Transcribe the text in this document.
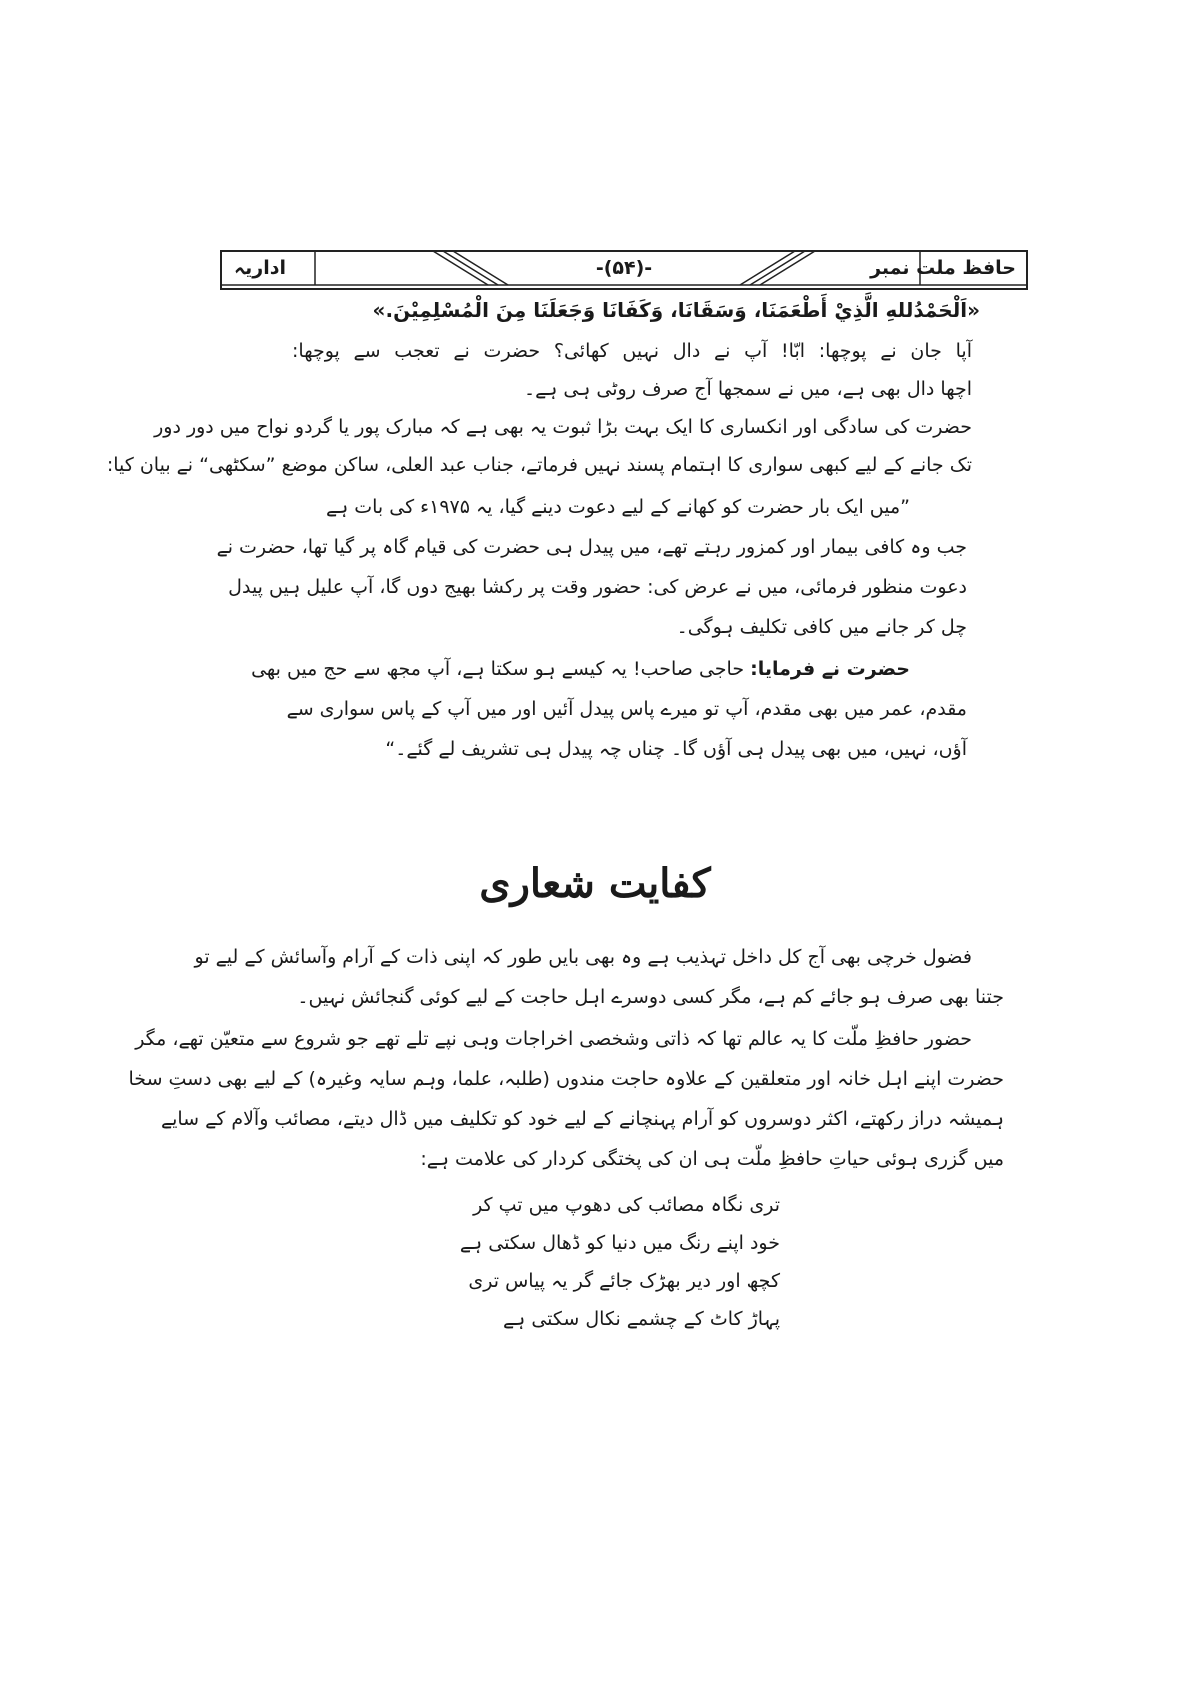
حافظ ملت نمبر
-(۵۴)-
اداریہ
«اَلْحَمْدُللهِ الَّذِيْ أَطْعَمَنَا، وَسَقَانَا، وَكَفَانَا وَجَعَلَنَا مِنَ الْمُسْلِمِيْنَ.»
آپا جان نے پوچھا: ابّا! آپ نے دال نہیں کھائی؟ حضرت نے تعجب سے پوچھا:
اچھا دال بھی ہے، میں نے سمجھا آج صرف روٹی ہی ہے۔
حضرت کی سادگی اور انکساری کا ایک بہت بڑا ثبوت یہ بھی ہے کہ مبارک پور یا گردو نواح میں دور دور
تک جانے کے لیے کبھی سواری کا اہتمام پسند نہیں فرماتے، جناب عبد العلی، ساکن موضع ”سکٹھی“ نے بیان کیا:
”میں ایک بار حضرت کو کھانے کے لیے دعوت دینے گیا، یہ ۱۹۷۵ء کی بات ہے
جب وہ کافی بیمار اور کمزور رہتے تھے، میں پیدل ہی حضرت کی قیام گاہ پر گیا تھا، حضرت نے
دعوت منظور فرمائی، میں نے عرض کی: حضور وقت پر رکشا بھیج دوں گا، آپ علیل ہیں پیدل
چل کر جانے میں کافی تکلیف ہوگی۔
حضرت نے فرمایا: حاجی صاحب! یہ کیسے ہو سکتا ہے، آپ مجھ سے حج میں بھی
مقدم، عمر میں بھی مقدم، آپ تو میرے پاس پیدل آئیں اور میں آپ کے پاس سواری سے
آؤں، نہیں، میں بھی پیدل ہی آؤں گا۔ چناں چہ پیدل ہی تشریف لے گئے۔“
کفایت شعاری
فضول خرچی بھی آج کل داخل تہذیب ہے وہ بھی بایں طور کہ اپنی ذات کے آرام وآسائش کے لیے تو
جتنا بھی صرف ہو جائے کم ہے، مگر کسی دوسرے اہل حاجت کے لیے کوئی گنجائش نہیں۔
حضور حافظِ ملّت کا یہ عالم تھا کہ ذاتی وشخصی اخراجات وہی نپے تلے تھے جو شروع سے متعیّن تھے، مگر
حضرت اپنے اہل خانہ اور متعلقین کے علاوہ حاجت مندوں (طلبہ، علما، وہم سایہ وغیرہ) کے لیے بھی دستِ سخا
ہمیشہ دراز رکھتے، اکثر دوسروں کو آرام پہنچانے کے لیے خود کو تکلیف میں ڈال دیتے، مصائب وآلام کے سایے
میں گزری ہوئی حیاتِ حافظِ ملّت ہی ان کی پختگی کردار کی علامت ہے:
تری نگاہ مصائب کی دھوپ میں تپ کر
خود اپنے رنگ میں دنیا کو ڈھال سکتی ہے
کچھ اور دیر بھڑک جائے گر یہ پیاس تری
پہاڑ کاٹ کے چشمے نکال سکتی ہے
